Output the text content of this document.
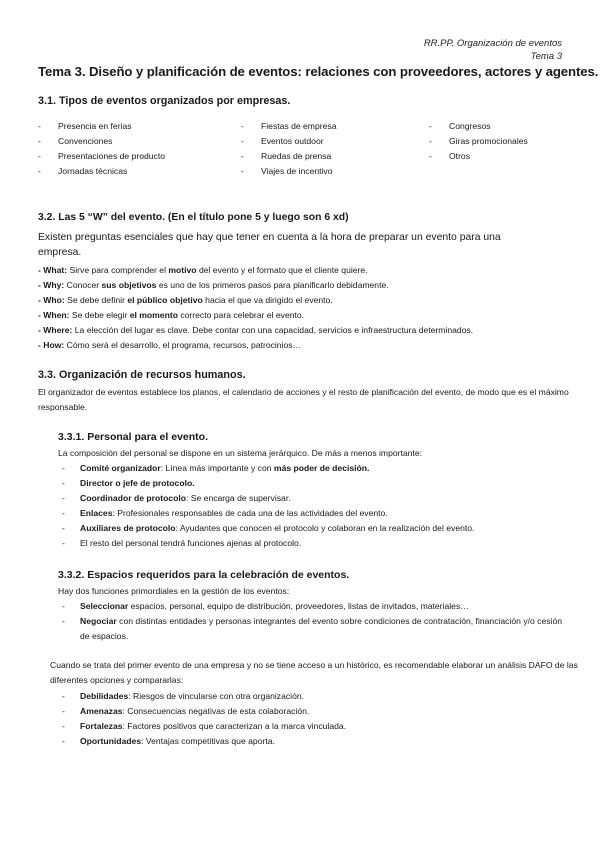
RR.PP. Organización de eventos
Tema 3
Tema 3. Diseño y planificación de eventos: relaciones con proveedores, actores y agentes.
3.1. Tipos de eventos organizados por empresas.
- Presencia en ferias
- Convenciones
- Presentaciones de producto
- Jornadas técnicas
- Fiestas de empresa
- Eventos outdoor
- Ruedas de prensa
- Viajes de incentivo
- Congresos
- Giras promocionales
- Otros
3.2. Las 5 “W” del evento. (En el título pone 5 y luego son 6 xd)
Existen preguntas esenciales que hay que tener en cuenta a la hora de preparar un evento para una empresa.
- What: Sirve para comprender el motivo del evento y el formato que el cliente quiere.
- Why: Conocer sus objetivos es uno de los primeros pasos para planificarlo debidamente.
- Who: Se debe definir el público objetivo hacia el que va dirigido el evento.
- When: Se debe elegir el momento correcto para celebrar el evento.
- Where: La elección del lugar es clave. Debe contar con una capacidad, servicios e infraestructura determinados.
- How: Cómo será el desarrollo, el programa, recursos, patrocinios…
3.3. Organización de recursos humanos.
El organizador de eventos establece los planos, el calendario de acciones y el resto de planificación del evento, de modo que es el máximo responsable.
3.3.1. Personal para el evento.
La composición del personal se dispone en un sistema jerárquico. De más a menos importante:
- Comité organizador: Línea más importante y con más poder de decisión.
- Director o jefe de protocolo.
- Coordinador de protocolo: Se encarga de supervisar.
- Enlaces: Profesionales responsables de cada una de las actividades del evento.
- Auxiliares de protocolo: Ayudantes que conocen el protocolo y colaboran en la realización del evento.
- El resto del personal tendrá funciones ajenas al protocolo.
3.3.2. Espacios requeridos para la celebración de eventos.
Hay dos funciones primordiales en la gestión de los eventos:
- Seleccionar espacios, personal, equipo de distribución, proveedores, listas de invitados, materiales…
- Negociar con distintas entidades y personas integrantes del evento sobre condiciones de contratación, financiación y/o cesión de espacios.
Cuando se trata del primer evento de una empresa y no se tiene acceso a un histórico, es recomendable elaborar un análisis DAFO de las diferentes opciones y compararlas:
- Debilidades: Riesgos de vincularse con otra organización.
- Amenazas: Consecuencias negativas de esta colaboración.
- Fortalezas: Factores positivos que caracterizan a la marca vinculada.
- Oportunidades: Ventajas competitivas que aporta.
